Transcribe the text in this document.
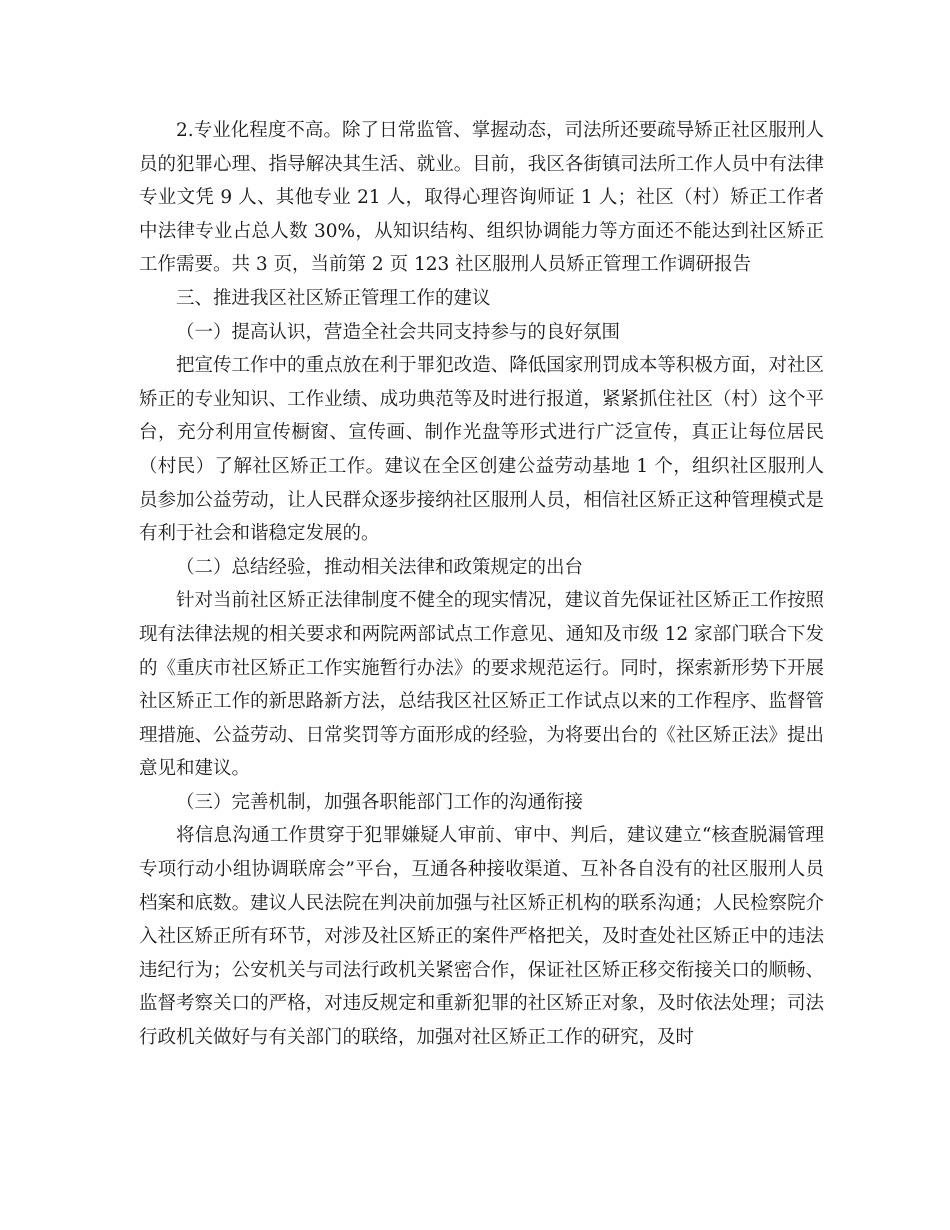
2.专业化程度不高。除了日常监管、掌握动态，司法所还要疏导矫正社区服刑人员的犯罪心理、指导解决其生活、就业。目前，我区各街镇司法所工作人员中有法律专业文凭 9 人、其他专业 21 人，取得心理咨询师证 1 人；社区（村）矫正工作者中法律专业占总人数 30%，从知识结构、组织协调能力等方面还不能达到社区矫正工作需要。共 3 页，当前第 2 页 123 社区服刑人员矫正管理工作调研报告

三、推进我区社区矫正管理工作的建议

（一）提高认识，营造全社会共同支持参与的良好氛围

把宣传工作中的重点放在利于罪犯改造、降低国家刑罚成本等积极方面，对社区矫正的专业知识、工作业绩、成功典范等及时进行报道，紧紧抓住社区（村）这个平台，充分利用宣传橱窗、宣传画、制作光盘等形式进行广泛宣传，真正让每位居民（村民）了解社区矫正工作。建议在全区创建公益劳动基地 1 个，组织社区服刑人员参加公益劳动，让人民群众逐步接纳社区服刑人员，相信社区矫正这种管理模式是有利于社会和谐稳定发展的。

（二）总结经验，推动相关法律和政策规定的出台

针对当前社区矫正法律制度不健全的现实情况，建议首先保证社区矫正工作按照现有法律法规的相关要求和两院两部试点工作意见、通知及市级 12 家部门联合下发的《重庆市社区矫正工作实施暂行办法》的要求规范运行。同时，探索新形势下开展社区矫正工作的新思路新方法，总结我区社区矫正工作试点以来的工作程序、监督管理措施、公益劳动、日常奖罚等方面形成的经验，为将要出台的《社区矫正法》提出意见和建议。

（三）完善机制，加强各职能部门工作的沟通衔接

将信息沟通工作贯穿于犯罪嫌疑人审前、审中、判后，建议建立“核查脱漏管理专项行动小组协调联席会”平台，互通各种接收渠道、互补各自没有的社区服刑人员档案和底数。建议人民法院在判决前加强与社区矫正机构的联系沟通；人民检察院介入社区矫正所有环节，对涉及社区矫正的案件严格把关，及时查处社区矫正中的违法违纪行为；公安机关与司法行政机关紧密合作，保证社区矫正移交衔接关口的顺畅、监督考察关口的严格，对违反规定和重新犯罪的社区矫正对象，及时依法处理；司法行政机关做好与有关部门的联络，加强对社区矫正工作的研究，及时
